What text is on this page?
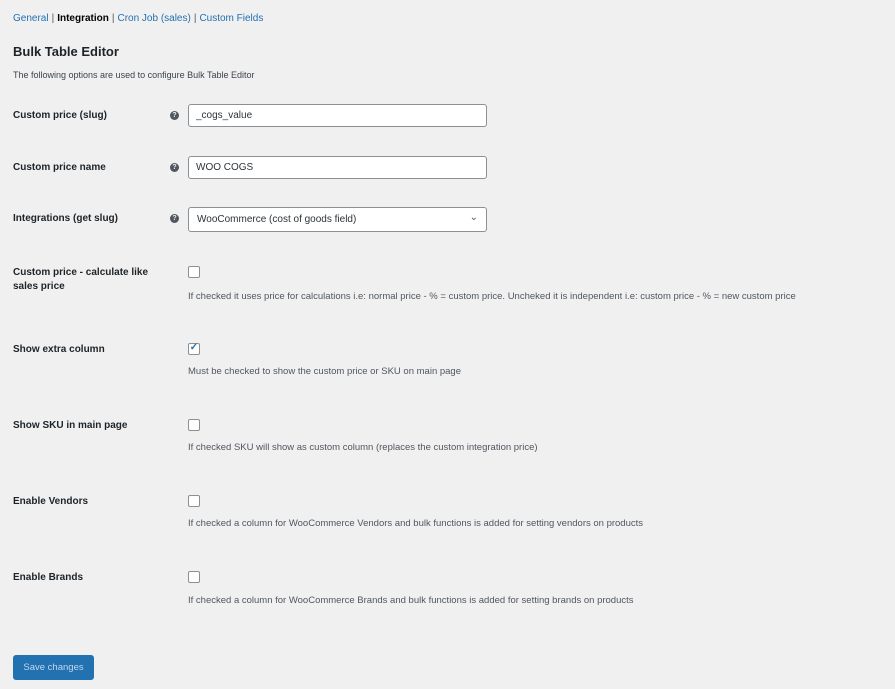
General | Integration | Cron Job (sales) | Custom Fields
Bulk Table Editor

The following options are used to configure Bulk Table Editor

Custom price (slug)	?
_cogs_value
Custom price name	?
WOO COGS
Integrations (get slug)	? WooCommerce (cost of goods field)	⌄
Custom price - calculate like sales price
If checked it uses price for calculations i.e: normal price - % = custom price. Uncheked it is independent i.e: custom price - % = new custom price
Show extra column	✓
Must be checked to show the custom price or SKU on main page
Show SKU in main page
If checked SKU will show as custom column (replaces the custom integration price)
Enable Vendors
If checked a column for WooCommerce Vendors and bulk functions is added for setting vendors on products
Enable Brands
If checked a column for WooCommerce Brands and bulk functions is added for setting brands on products
Save changes
